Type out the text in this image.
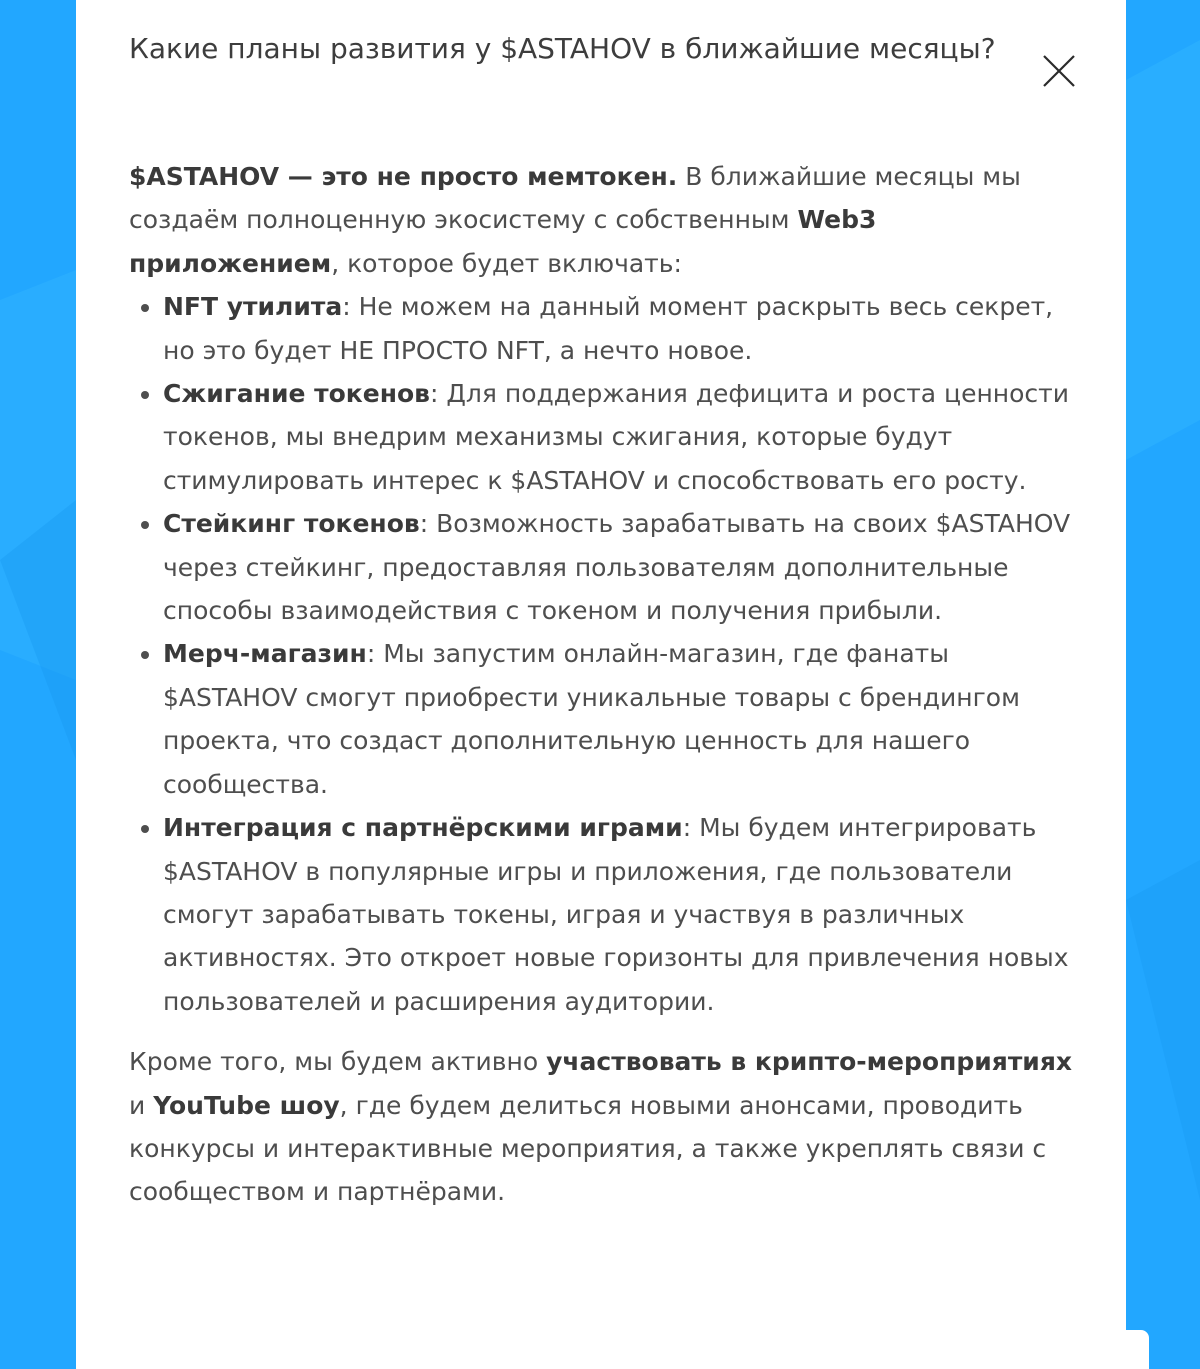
Какие планы развития у $ASTAHOV в ближайшие месяцы?

$ASTAHOV — это не просто мемтокен. В ближайшие месяцы мы создаём полноценную экосистему с собственным Web3 приложением, которое будет включать:

• NFT утилита: Не можем на данный момент раскрыть весь секрет, но это будет НЕ ПРОСТО NFT, а нечто новое.
• Сжигание токенов: Для поддержания дефицита и роста ценности токенов, мы внедрим механизмы сжигания, которые будут стимулировать интерес к $ASTAHOV и способствовать его росту.
• Стейкинг токенов: Возможность зарабатывать на своих $ASTAHOV через стейкинг, предоставляя пользователям дополнительные способы взаимодействия с токеном и получения прибыли.
• Мерч-магазин: Мы запустим онлайн-магазин, где фанаты $ASTAHOV смогут приобрести уникальные товары с брендингом проекта, что создаст дополнительную ценность для нашего сообщества.
• Интеграция с партнёрскими играми: Мы будем интегрировать $ASTAHOV в популярные игры и приложения, где пользователи смогут зарабатывать токены, играя и участвуя в различных активностях. Это откроет новые горизонты для привлечения новых пользователей и расширения аудитории.

Кроме того, мы будем активно участвовать в крипто-мероприятиях и YouTube шоу, где будем делиться новыми анонсами, проводить конкурсы и интерактивные мероприятия, а также укреплять связи с сообществом и партнёрами.
